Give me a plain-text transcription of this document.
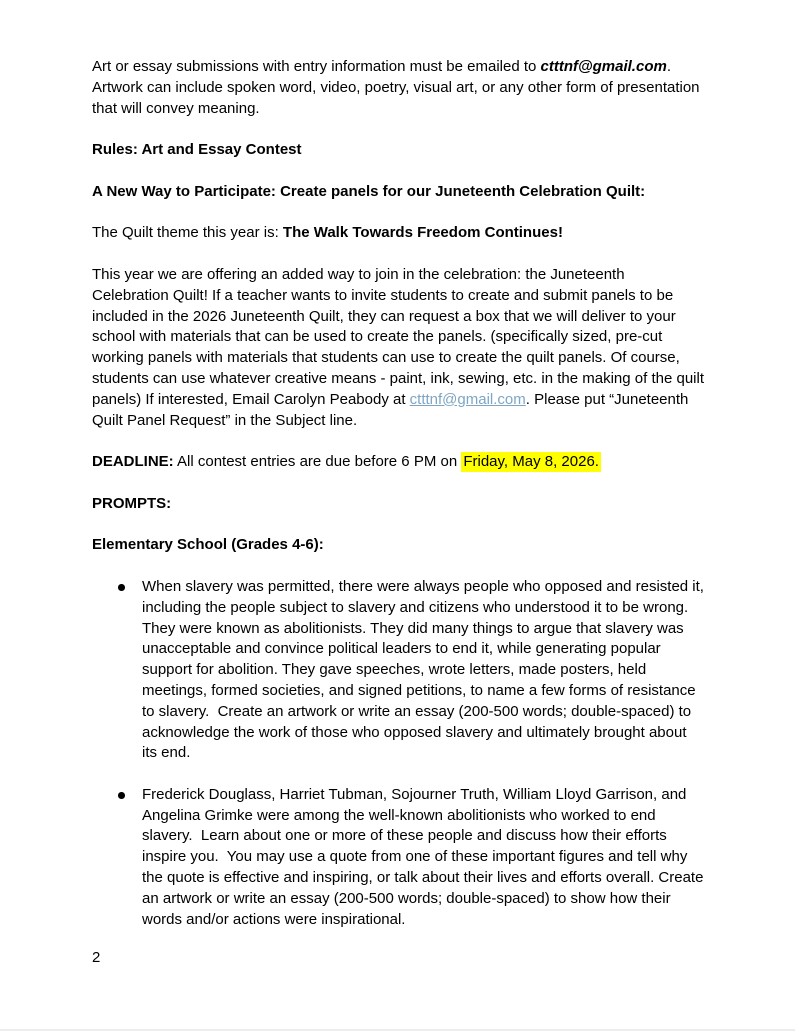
Art or essay submissions with entry information must be emailed to ctttnf@gmail.com. Artwork can include spoken word, video, poetry, visual art, or any other form of presentation that will convey meaning.

Rules: Art and Essay Contest

A New Way to Participate: Create panels for our Juneteenth Celebration Quilt:

The Quilt theme this year is: The Walk Towards Freedom Continues!

This year we are offering an added way to join in the celebration: the Juneteenth Celebration Quilt! If a teacher wants to invite students to create and submit panels to be included in the 2026 Juneteenth Quilt, they can request a box that we will deliver to your school with materials that can be used to create the panels. (specifically sized, pre-cut working panels with materials that students can use to create the quilt panels. Of course, students can use whatever creative means - paint, ink, sewing, etc. in the making of the quilt panels) If interested, Email Carolyn Peabody at ctttnf@gmail.com. Please put “Juneteenth Quilt Panel Request” in the Subject line.

DEADLINE: All contest entries are due before 6 PM on Friday, May 8, 2026.

PROMPTS:

Elementary School (Grades 4-6):

When slavery was permitted, there were always people who opposed and resisted it, including the people subject to slavery and citizens who understood it to be wrong.  They were known as abolitionists. They did many things to argue that slavery was unacceptable and convince political leaders to end it, while generating popular support for abolition. They gave speeches, wrote letters, made posters, held meetings, formed societies, and signed petitions, to name a few forms of resistance to slavery.  Create an artwork or write an essay (200-500 words; double-spaced) to acknowledge the work of those who opposed slavery and ultimately brought about its end.
Frederick Douglass, Harriet Tubman, Sojourner Truth, William Lloyd Garrison, and Angelina Grimke were among the well-known abolitionists who worked to end slavery.  Learn about one or more of these people and discuss how their efforts inspire you.  You may use a quote from one of these important figures and tell why the quote is effective and inspiring, or talk about their lives and efforts overall. Create an artwork or write an essay (200-500 words; double-spaced) to show how their words and/or actions were inspirational.
2
